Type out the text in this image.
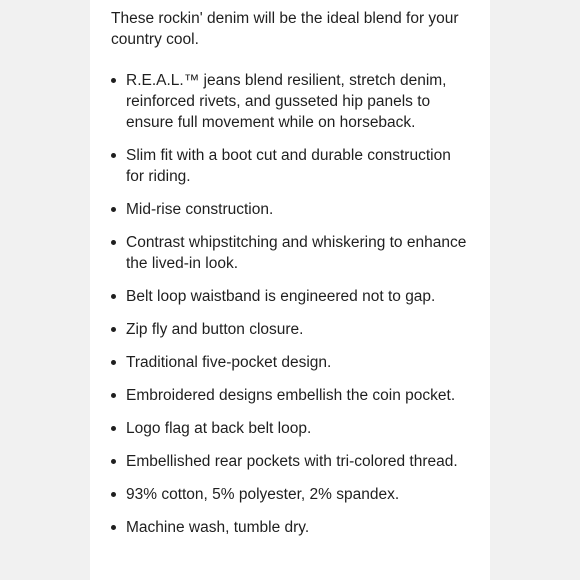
These rockin' denim will be the ideal blend for your country cool.

R.E.A.L.™ jeans blend resilient, stretch denim, reinforced rivets, and gusseted hip panels to ensure full movement while on horseback.
Slim fit with a boot cut and durable construction for riding.
Mid-rise construction.
Contrast whipstitching and whiskering to enhance the lived-in look.
Belt loop waistband is engineered not to gap.
Zip fly and button closure.
Traditional five-pocket design.
Embroidered designs embellish the coin pocket.
Logo flag at back belt loop.
Embellished rear pockets with tri-colored thread.
93% cotton, 5% polyester, 2% spandex.
Machine wash, tumble dry.
